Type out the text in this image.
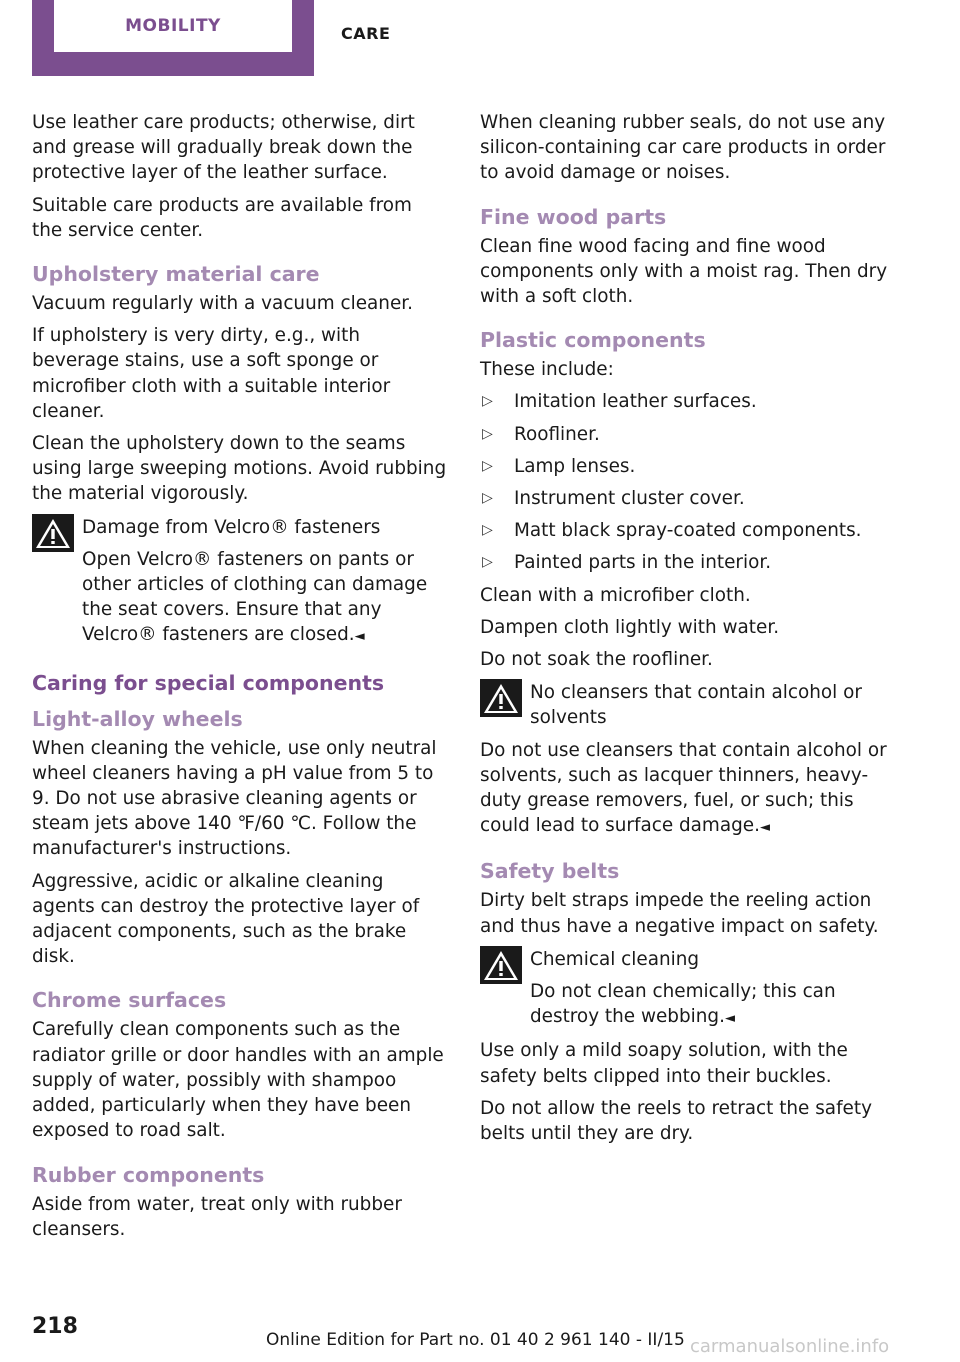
MOBILITY	CARE

Use leather care products; otherwise, dirt and grease will gradually break down the protective layer of the leather surface.

Suitable care products are available from the service center.

Upholstery material care

Vacuum regularly with a vacuum cleaner.

If upholstery is very dirty, e.g., with beverage stains, use a soft sponge or microfiber cloth with a suitable interior cleaner.

Clean the upholstery down to the seams using large sweeping motions. Avoid rubbing the material vigorously.

Damage from Velcro® fasteners

Open Velcro® fasteners on pants or other articles of clothing can damage the seat covers. Ensure that any Velcro® fasteners are closed.◄

Caring for special components
Light-alloy wheels

When cleaning the vehicle, use only neutral wheel cleaners having a pH value from 5 to 9. Do not use abrasive cleaning agents or steam jets above 140 ℉/60 ℃. Follow the manufacturer's instructions.

Aggressive, acidic or alkaline cleaning agents can destroy the protective layer of adjacent components, such as the brake disk.

Chrome surfaces

Carefully clean components such as the radiator grille or door handles with an ample supply of water, possibly with shampoo added, particularly when they have been exposed to road salt.

Rubber components

Aside from water, treat only with rubber cleansers.

When cleaning rubber seals, do not use any silicon-containing car care products in order to avoid damage or noises.

Fine wood parts

Clean fine wood facing and fine wood components only with a moist rag. Then dry with a soft cloth.

Plastic components

These include:

▷ Imitation leather surfaces.
▷ Roofliner.
▷ Lamp lenses.
▷ Instrument cluster cover.
▷ Matt black spray-coated components.
▷ Painted parts in the interior.

Clean with a microfiber cloth.

Dampen cloth lightly with water.

Do not soak the roofliner.

No cleansers that contain alcohol or solvents

Do not use cleansers that contain alcohol or solvents, such as lacquer thinners, heavy-duty grease removers, fuel, or such; this could lead to surface damage.◄

Safety belts

Dirty belt straps impede the reeling action and thus have a negative impact on safety.

Chemical cleaning

Do not clean chemically; this can destroy the webbing.◄

Use only a mild soapy solution, with the safety belts clipped into their buckles.

Do not allow the reels to retract the safety belts until they are dry.

218
Online Edition for Part no. 01 40 2 961 140 - II/15 carmanualsonline.info
